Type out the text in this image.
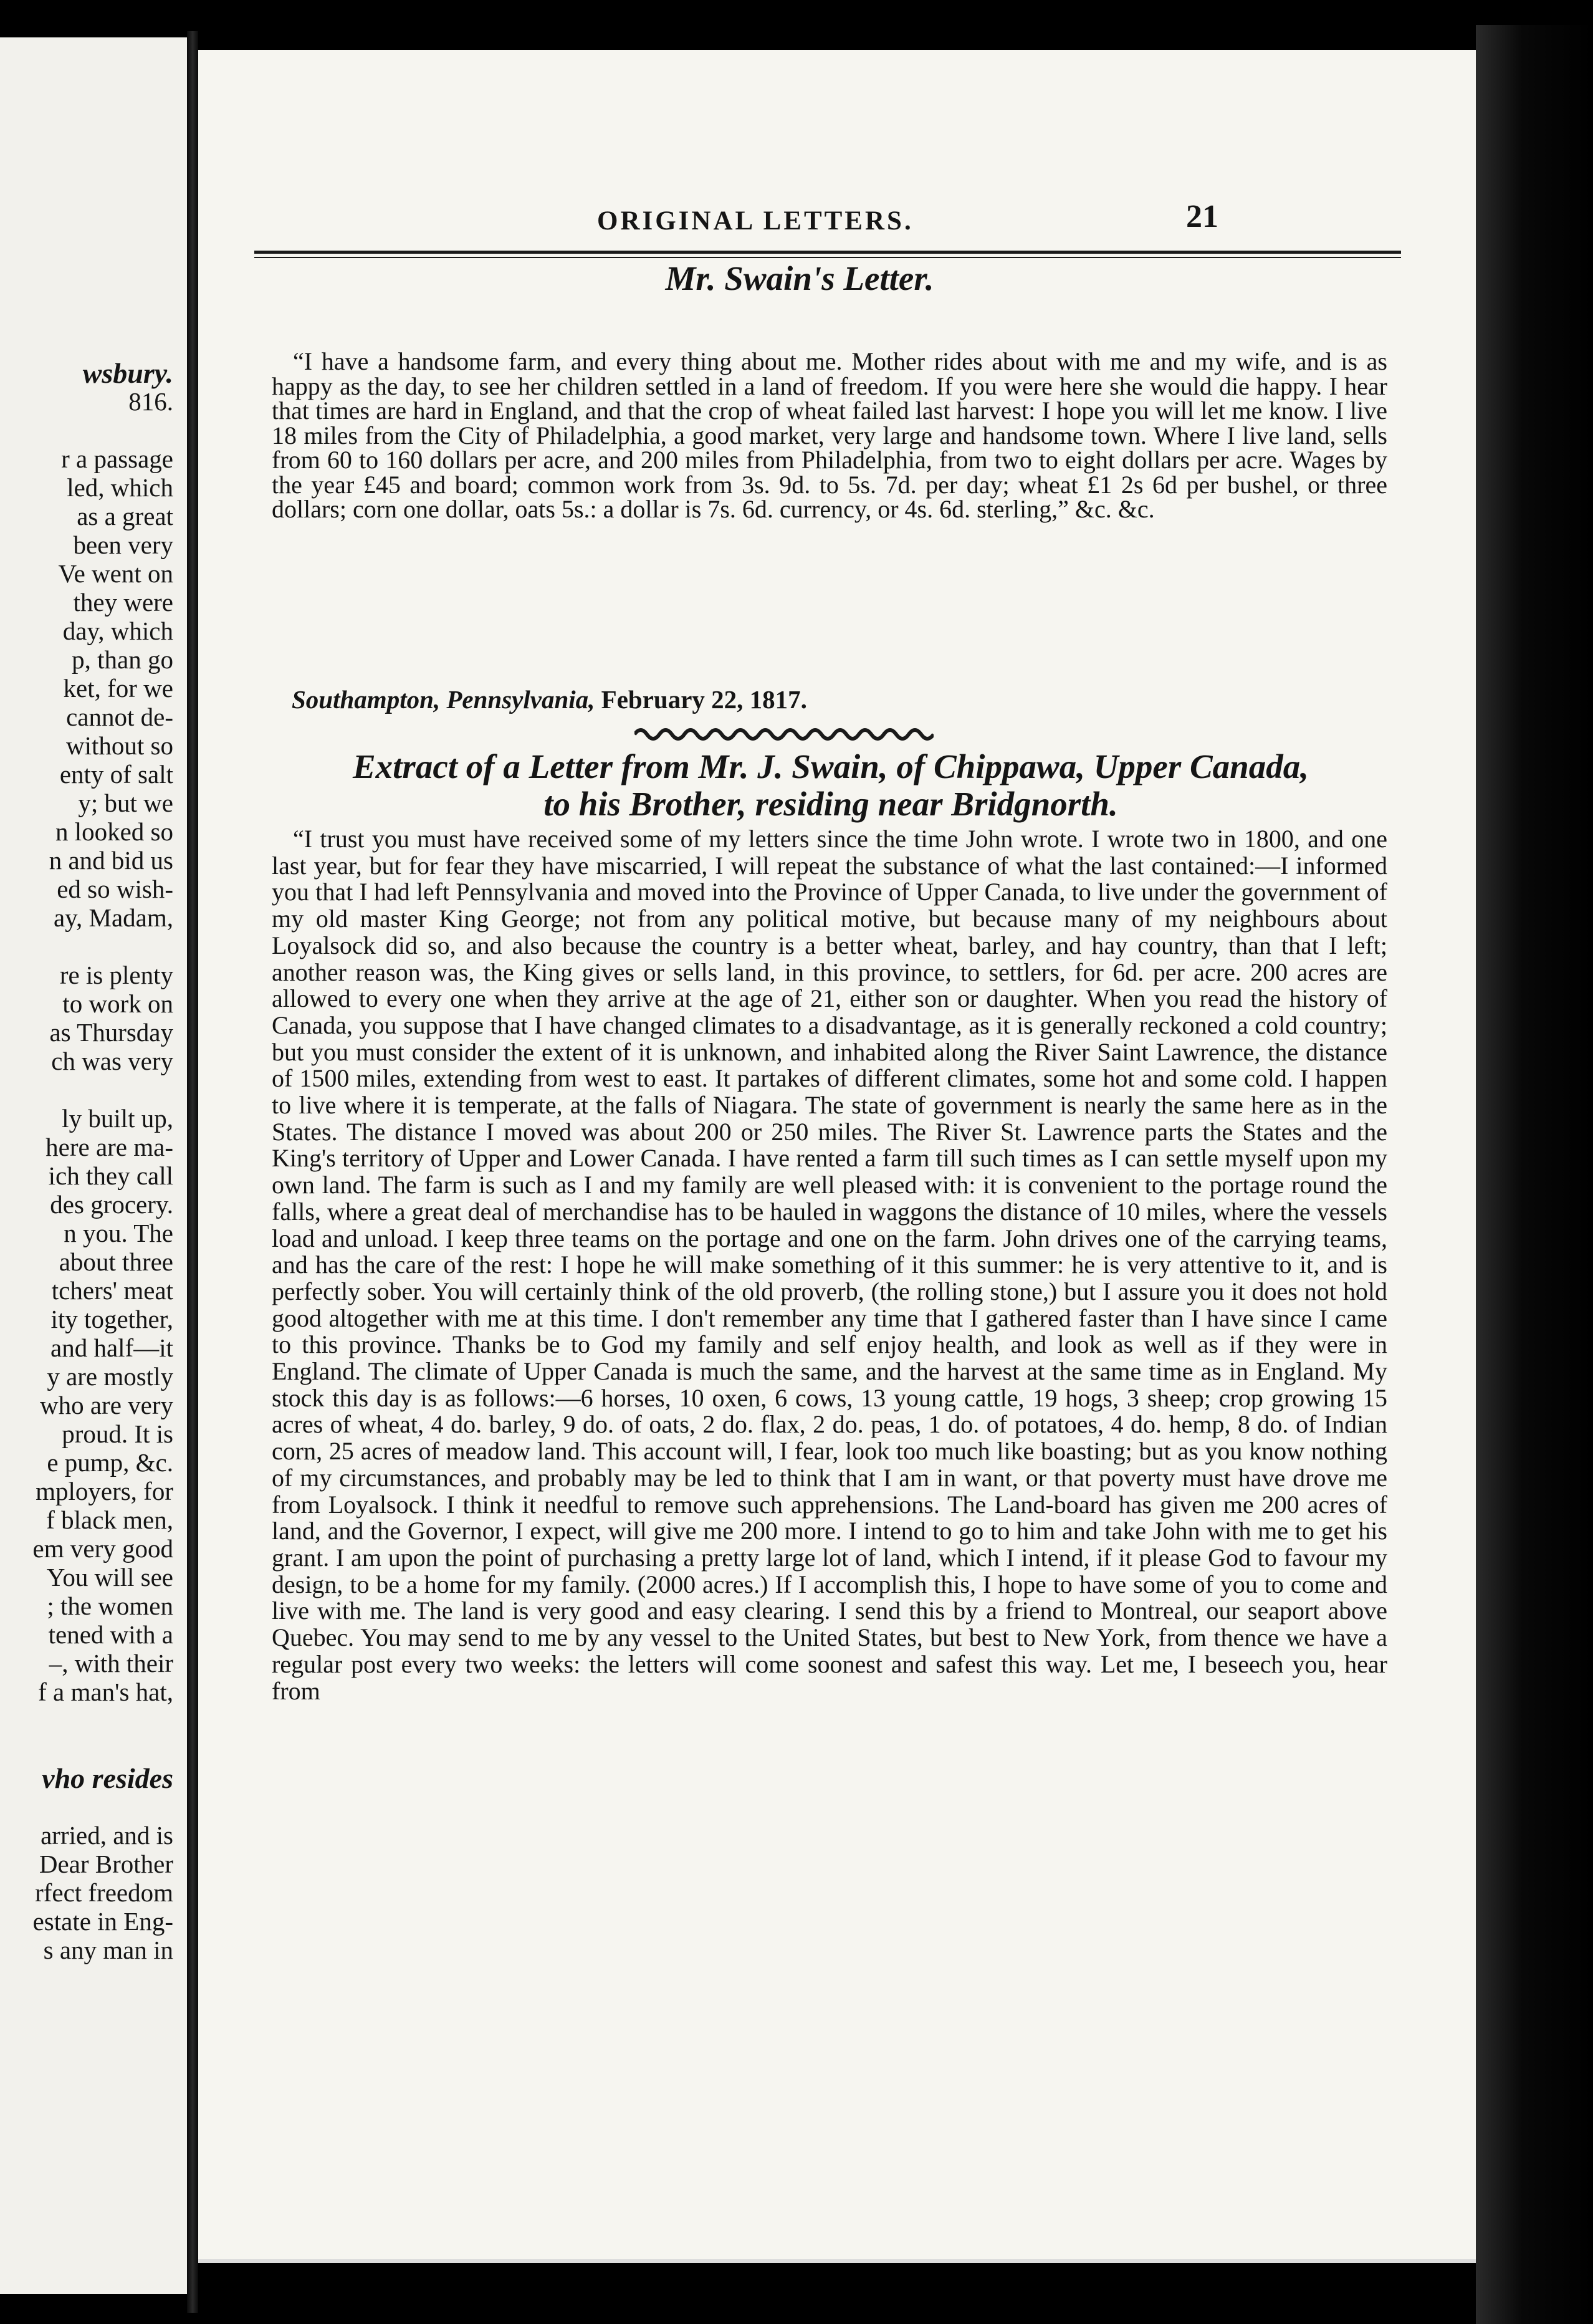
wsbury.
816.
r a passage
led, which
as a great
been very
Ve went on
they were
day, which
p, than go
ket, for we
cannot de-
without so
enty of salt
y; but we
n looked so
n and bid us
ed so wish-
ay, Madam,
re is plenty
to work on
as Thursday
ch was very
ly built up,
here are ma-
ich they call
des grocery.
n you. The
about three
tchers' meat
ity together,
and half—it
y are mostly
who are very
proud. It is
e pump, &c.
mployers, for
f black men,
em very good
You will see
; the women
tened with a
–, with their
f a man's hat,
vho resides
arried, and is
Dear Brother
rfect freedom
estate in Eng-
s any man in
ORIGINAL LETTERS.	21
Mr. Swain's Letter.

“I have a handsome farm, and every thing about me. Mother rides about with me and my wife, and is as happy as the day, to see her children settled in a land of freedom. If you were here she would die happy. I hear that times are hard in England, and that the crop of wheat failed last harvest: I hope you will let me know. I live 18 miles from the City of Philadelphia, a good market, very large and handsome town. Where I live land, sells from 60 to 160 dollars per acre, and 200 miles from Philadelphia, from two to eight dollars per acre. Wages by the year £45 and board; common work from 3s. 9d. to 5s. 7d. per day; wheat £1 2s 6d per bushel, or three dollars; corn one dollar, oats 5s.: a dollar is 7s. 6d. currency, or 4s. 6d. sterling,” &c. &c.

Southampton, Pennsylvania, February 22, 1817.
Extract of a Letter from Mr. J. Swain, of Chippawa, Upper Canada,
to his Brother, residing near Bridgnorth.

“I trust you must have received some of my letters since the time John wrote. I wrote two in 1800, and one last year, but for fear they have miscarried, I will repeat the substance of what the last contained:—I informed you that I had left Pennsylvania and moved into the Province of Upper Canada, to live under the government of my old master King George; not from any political motive, but because many of my neighbours about Loyalsock did so, and also because the country is a better wheat, barley, and hay country, than that I left; another reason was, the King gives or sells land, in this province, to settlers, for 6d. per acre. 200 acres are allowed to every one when they arrive at the age of 21, either son or daughter. When you read the history of Canada, you suppose that I have changed climates to a disadvantage, as it is generally reckoned a cold country; but you must consider the extent of it is unknown, and inhabited along the River Saint Lawrence, the distance of 1500 miles, extending from west to east. It partakes of different climates, some hot and some cold. I happen to live where it is temperate, at the falls of Niagara. The state of government is nearly the same here as in the States. The distance I moved was about 200 or 250 miles. The River St. Lawrence parts the States and the King's territory of Upper and Lower Canada. I have rented a farm till such times as I can settle myself upon my own land. The farm is such as I and my family are well pleased with: it is convenient to the portage round the falls, where a great deal of merchandise has to be hauled in waggons the distance of 10 miles, where the vessels load and unload. I keep three teams on the portage and one on the farm. John drives one of the carrying teams, and has the care of the rest: I hope he will make something of it this summer: he is very attentive to it, and is perfectly sober. You will certainly think of the old proverb, (the rolling stone,) but I assure you it does not hold good altogether with me at this time. I don't remember any time that I gathered faster than I have since I came to this province. Thanks be to God my family and self enjoy health, and look as well as if they were in England. The climate of Upper Canada is much the same, and the harvest at the same time as in England. My stock this day is as follows:—6 horses, 10 oxen, 6 cows, 13 young cattle, 19 hogs, 3 sheep; crop growing 15 acres of wheat, 4 do. barley, 9 do. of oats, 2 do. flax, 2 do. peas, 1 do. of potatoes, 4 do. hemp, 8 do. of Indian corn, 25 acres of meadow land. This account will, I fear, look too much like boasting; but as you know nothing of my circumstances, and probably may be led to think that I am in want, or that poverty must have drove me from Loyalsock. I think it needful to remove such apprehensions. The Land-board has given me 200 acres of land, and the Governor, I expect, will give me 200 more. I intend to go to him and take John with me to get his grant. I am upon the point of purchasing a pretty large lot of land, which I intend, if it please God to favour my design, to be a home for my family. (2000 acres.) If I accomplish this, I hope to have some of you to come and live with me. The land is very good and easy clearing. I send this by a friend to Montreal, our seaport above Quebec. You may send to me by any vessel to the United States, but best to New York, from thence we have a regular post every two weeks: the letters will come soonest and safest this way. Let me, I beseech you, hear from
